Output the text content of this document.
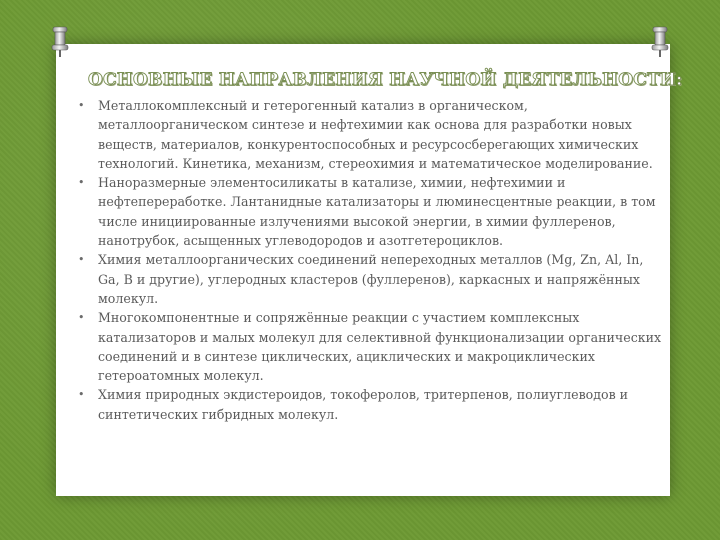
ОСНОВНЫЕ НАПРАВЛЕНИЯ НАУЧНОЙ ДЕЯТЕЛЬНОСТИ:
• Металлокомплексный и гетерогенный катализ в органическом, металлоорганическом синтезе и нефтехимии как основа для разработки новых веществ, материалов, конкурентоспособных и ресурсосберегающих химических технологий. Кинетика, механизм, стереохимия и математическое моделирование.
• Наноразмерные элементосиликаты в катализе, химии, нефтехимии и нефтепереработке. Лантанидные катализаторы и люминесцентные реакции, в том числе инициированные излучениями высокой энергии, в химии фуллеренов, нанотрубок, асыщенных углеводородов и азотгетероциклов.
• Химия металлоорганических соединений непереходных металлов (Mg, Zn, Al, In, Ga, B и другие), углеродных кластеров (фуллеренов), каркасных и напряжённых молекул.
• Многокомпонентные и сопряжённые реакции с участием комплексных катализаторов и малых молекул для селективной функционализации органических соединений и в синтезе циклических, ациклических и макроциклических гетероатомных молекул.
• Химия природных экдистероидов, токоферолов, тритерпенов, полиуглеводов и синтетических гибридных молекул.
